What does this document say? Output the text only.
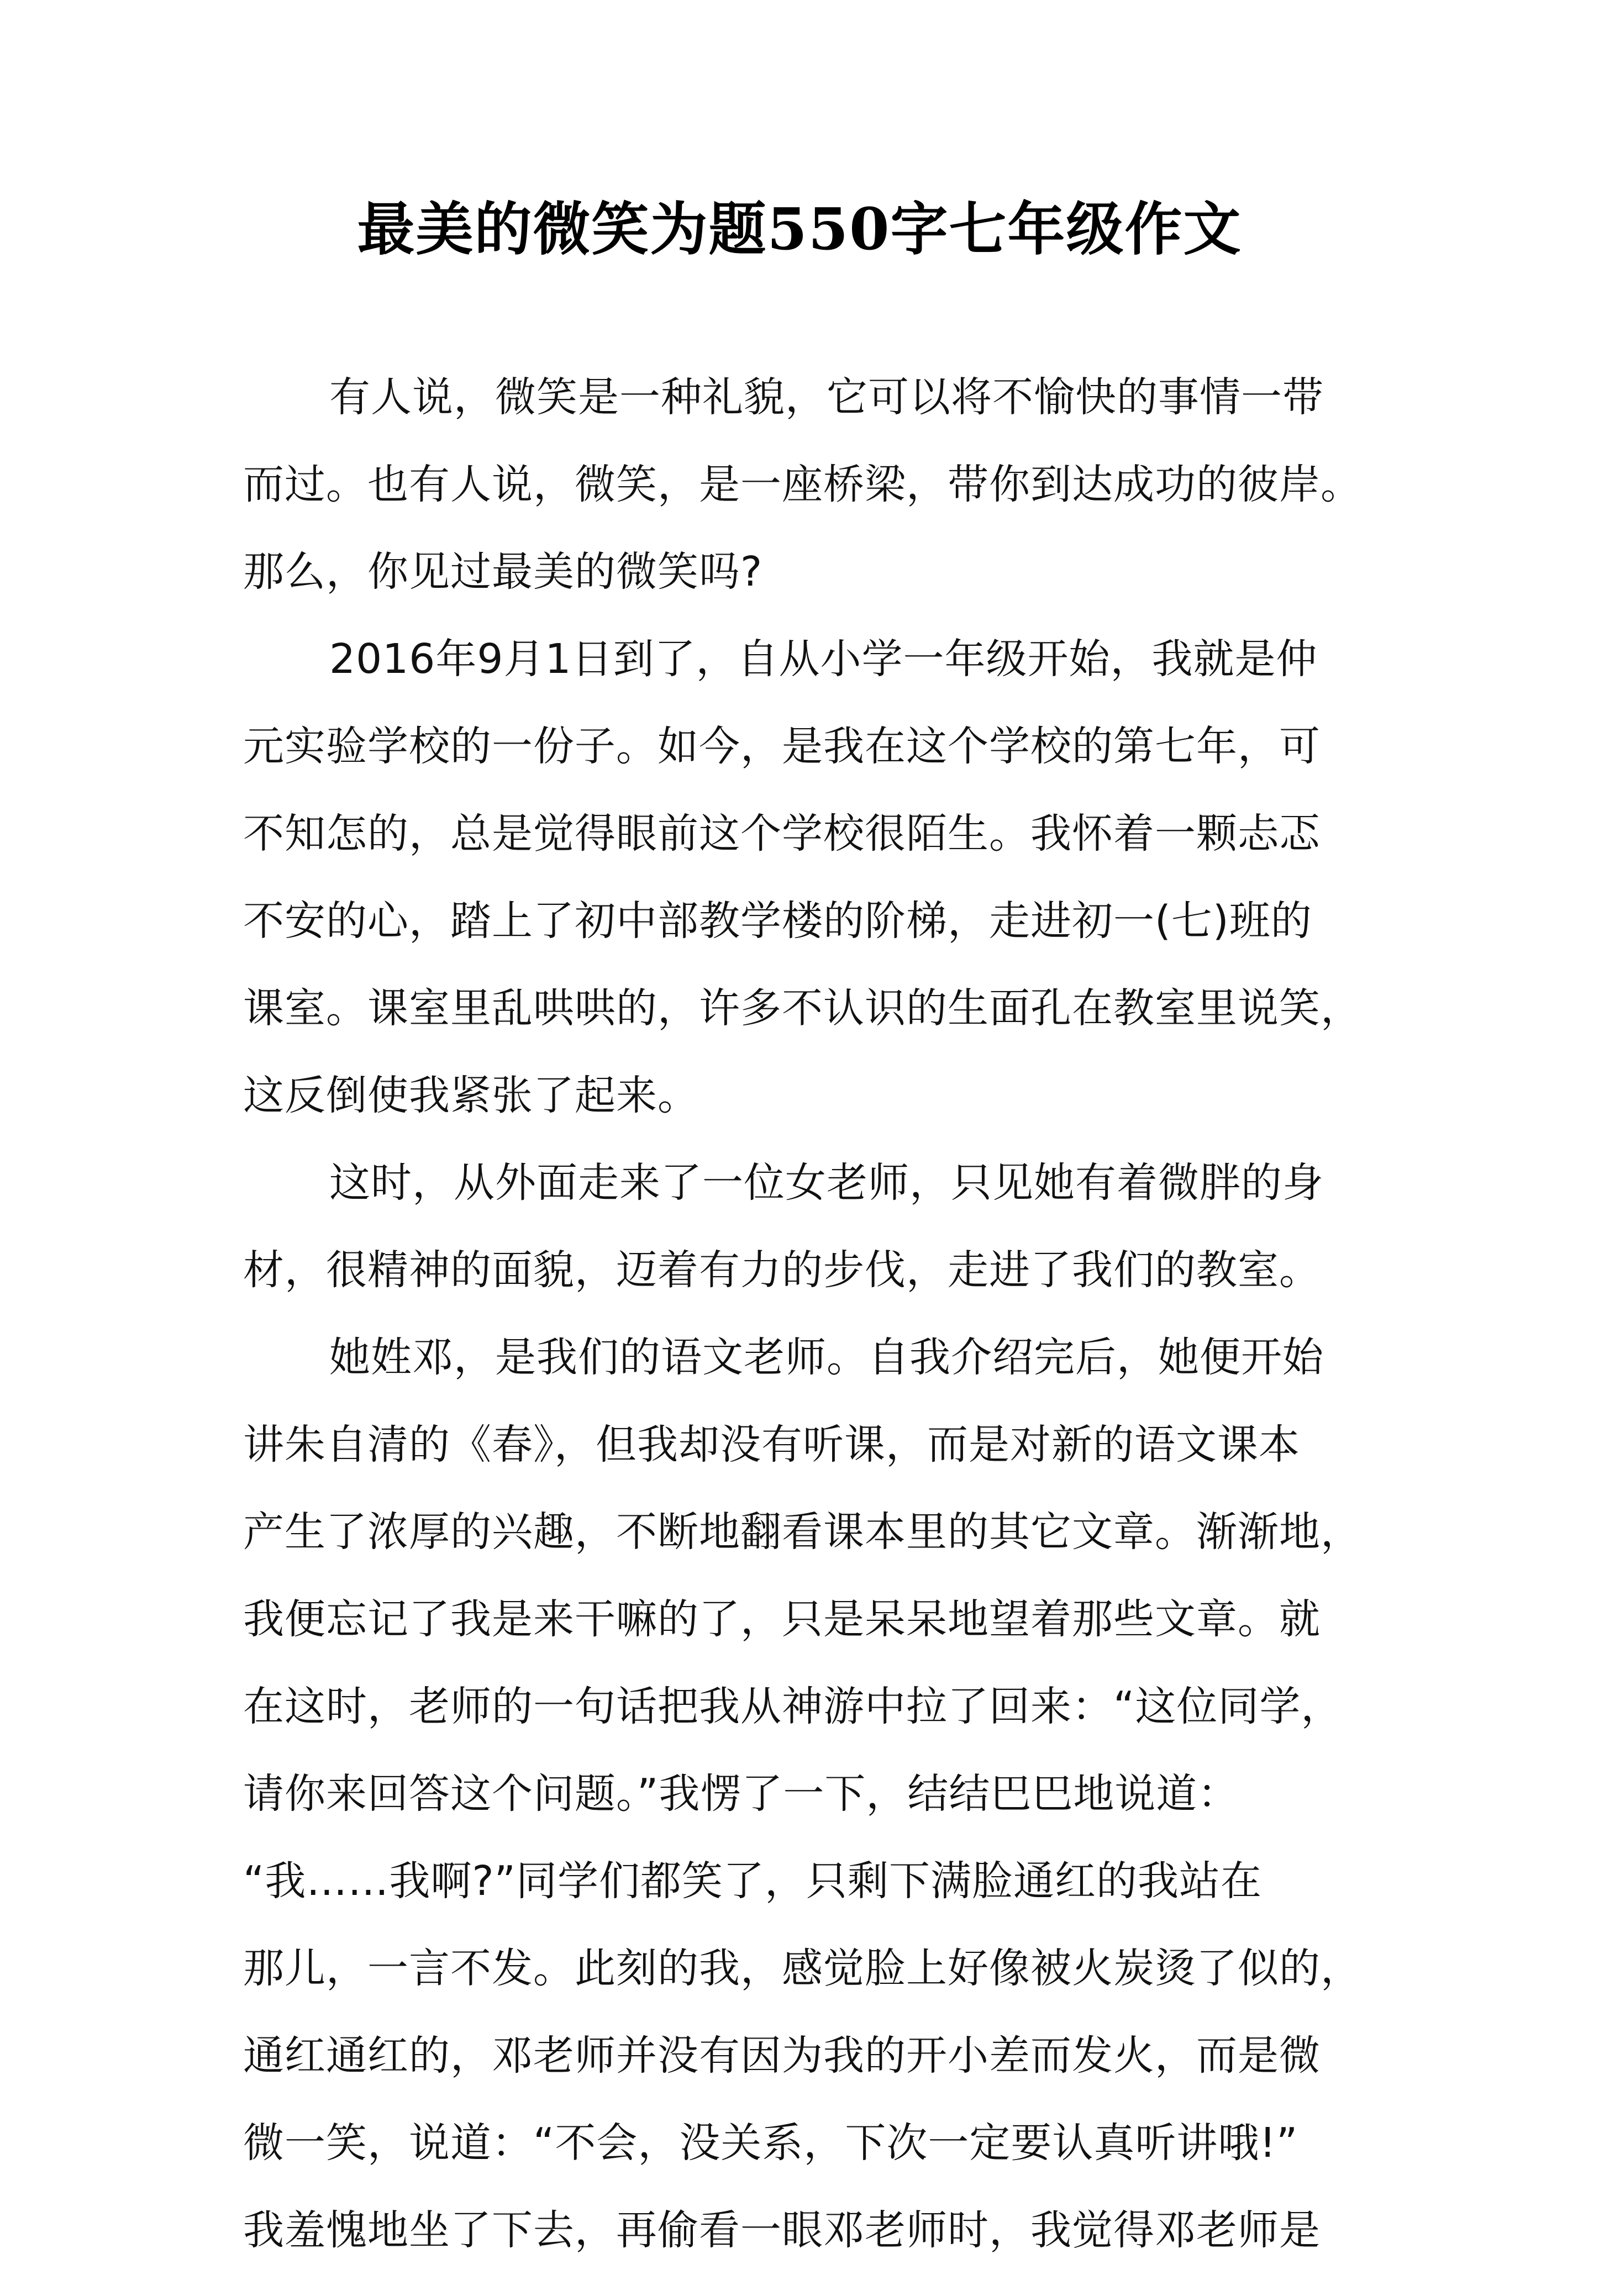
最美的微笑为题550字七年级作文
有人说，微笑是一种礼貌，它可以将不愉快的事情一带
而过。也有人说，微笑，是一座桥梁，带你到达成功的彼岸。
那么，你见过最美的微笑吗?
2016年9月1日到了，自从小学一年级开始，我就是仲
元实验学校的一份子。如今，是我在这个学校的第七年，可
不知怎的，总是觉得眼前这个学校很陌生。我怀着一颗忐忑
不安的心，踏上了初中部教学楼的阶梯，走进初一(七)班的
课室。课室里乱哄哄的，许多不认识的生面孔在教室里说笑，
这反倒使我紧张了起来。
这时，从外面走来了一位女老师，只见她有着微胖的身
材，很精神的面貌，迈着有力的步伐，走进了我们的教室。
她姓邓，是我们的语文老师。自我介绍完后，她便开始
讲朱自清的《春》，但我却没有听课，而是对新的语文课本
产生了浓厚的兴趣，不断地翻看课本里的其它文章。渐渐地，
我便忘记了我是来干嘛的了，只是呆呆地望着那些文章。就
在这时，老师的一句话把我从神游中拉了回来：“这位同学，
请你来回答这个问题。”我愣了一下，结结巴巴地说道：
“我……我啊?”同学们都笑了，只剩下满脸通红的我站在
那儿，一言不发。此刻的我，感觉脸上好像被火炭烫了似的，
通红通红的，邓老师并没有因为我的开小差而发火，而是微
微一笑，说道：“不会，没关系，下次一定要认真听讲哦!”
我羞愧地坐了下去，再偷看一眼邓老师时，我觉得邓老师是
